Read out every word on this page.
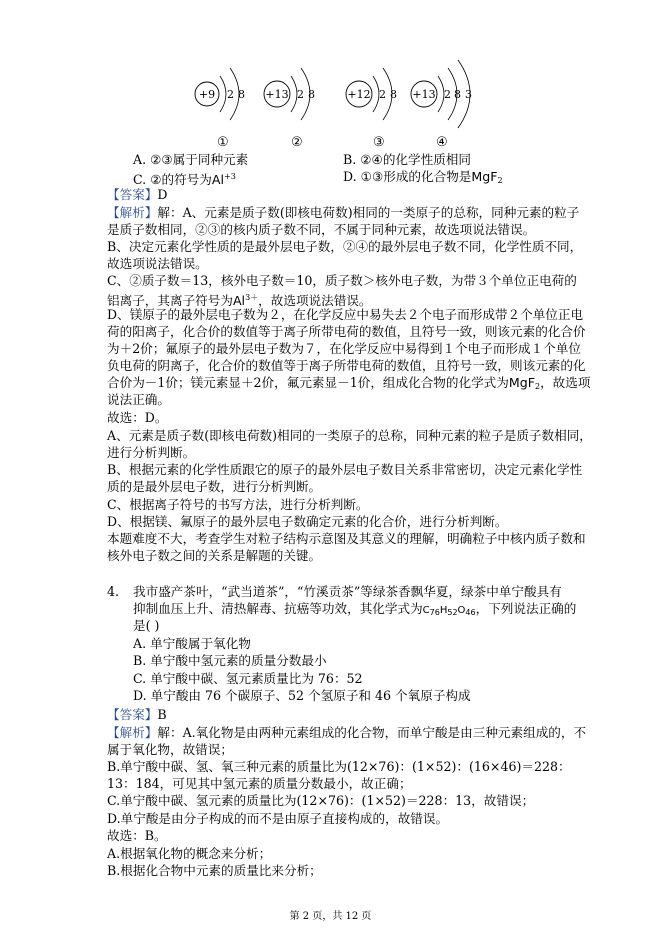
+9 2 8 +13 2 8	+12 2 8 +13 2 8 3
①	②	③	④
A. ②③属于同种元素	B. ②④的化学性质相同
C. ②的符号为$Al^{+3}$	D. ①③形成的化合物是MgF$_2$
【答案】D
【解析】解：A、元素是质子数(即核电荷数)相同的一类原子的总称，同种元素的粒子
是质子数相同，②③的核内质子数不同，不属于同种元素，故选项说法错误。
B、决定元素化学性质的是最外层电子数，②④的最外层电子数不同，化学性质不同，
故选项说法错误。
C、②质子数＝13，核外电子数＝10，质子数＞核外电子数，为带３个单位正电荷的
铝离子，其离子符号为$Al^{3+}$，故选项说法错误。
D、镁原子的最外层电子数为２，在化学反应中易失去２个电子而形成带２个单位正电
荷的阳离子，化合价的数值等于离子所带电荷的数值，且符号一致，则该元素的化合价
为＋2价；氟原子的最外层电子数为７，在化学反应中易得到１个电子而形成１个单位
负电荷的阴离子，化合价的数值等于离子所带电荷的数值，且符号一致，则该元素的化
合价为－1价；镁元素显＋2价，氟元素显－1价，组成化合物的化学式为MgF$_2$，故选项
说法正确。
故选：D。
A、元素是质子数(即核电荷数)相同的一类原子的总称，同种元素的粒子是质子数相同，
进行分析判断。
B、根据元素的化学性质跟它的原子的最外层电子数目关系非常密切，决定元素化学性
质的是最外层电子数，进行分析判断。
C、根据离子符号的书写方法，进行分析判断。
D、根据镁、氟原子的最外层电子数确定元素的化合价，进行分析判断。
本题难度不大，考查学生对粒子结构示意图及其意义的理解，明确粒子中核内质子数和
核外电子数之间的关系是解题的关键。
4. 我市盛产茶叶，“武当道茶”，“竹溪贡茶”等绿茶香飘华夏，绿茶中单宁酸具有
抑制血压上升、清热解毒、抗癌等功效，其化学式为$C_{76}H_{52}O_{46}$，下列说法正确的
是( )
A. 单宁酸属于氧化物
B. 单宁酸中氢元素的质量分数最小
C. 单宁酸中碳、氢元素质量比为 76：52
D. 单宁酸由 76 个碳原子、52 个氢原子和 46 个氧原子构成
【答案】B
【解析】解：A.氧化物是由两种元素组成的化合物，而单宁酸是由三种元素组成的，不
属于氧化物，故错误；
B.单宁酸中碳、氢、氧三种元素的质量比为(12×76)：(1×52)：(16×46)＝228：
13：184，可见其中氢元素的质量分数最小，故正确；
C.单宁酸中碳、氢元素的质量比为(12×76)：(1×52)＝228：13，故错误；
D.单宁酸是由分子构成的而不是由原子直接构成的，故错误。
故选：B。
A.根据氧化物的概念来分析；
B.根据化合物中元素的质量比来分析；
第 2 页，共 12 页
